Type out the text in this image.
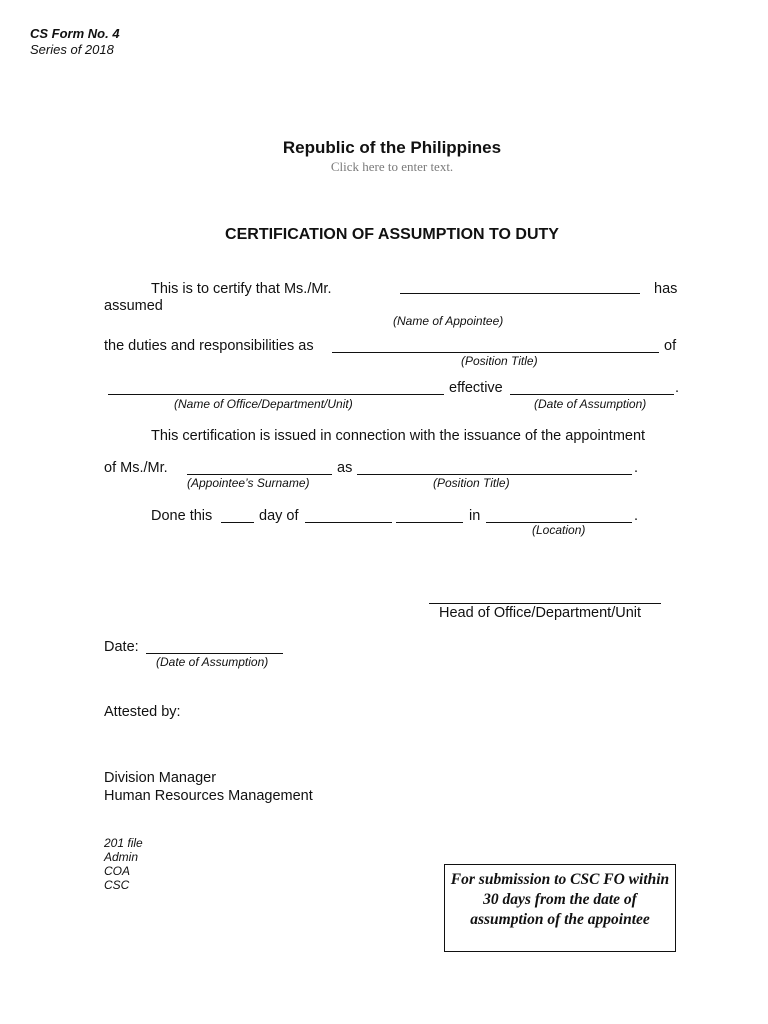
CS Form No. 4
Series of 2018
Republic of the Philippines
Click here to enter text.
CERTIFICATION OF ASSUMPTION TO DUTY
This is to certify that Ms./Mr.	has
assumed
(Name of Appointee)
the duties and responsibilities as	of
(Position Title)
effective	.
(Name of Office/Department/Unit)	(Date of Assumption)
This certification is issued in connection with the issuance of the appointment
of Ms./Mr.	as	.
(Appointee’s Surname)	(Position Title)
Done this	day of	in	.
(Location)
Head of Office/Department/Unit
Date:
(Date of Assumption)
Attested by:
Division Manager
Human Resources Management
201 file
Admin
COA
CSC	For submission to CSC FO within 30 days from the date of assumption of the appointee
